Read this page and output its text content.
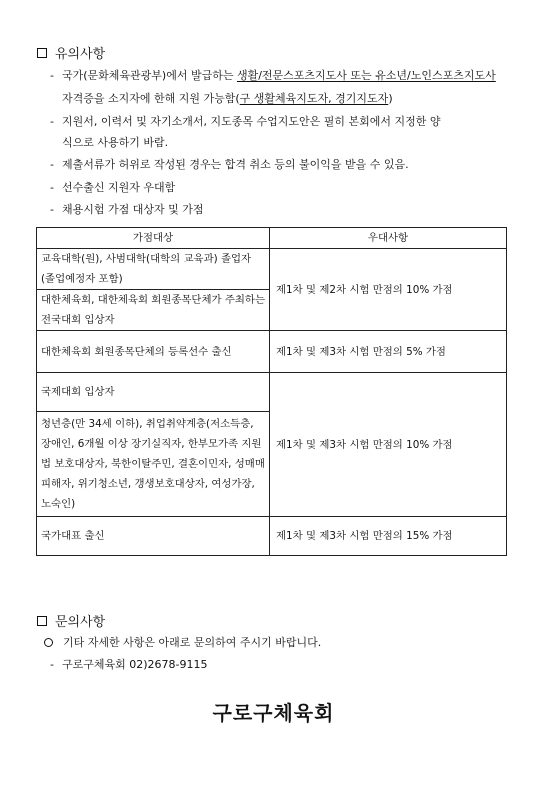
유의사항
- 국가(문화체육관광부)에서 발급하는 생활/전문스포츠지도사 또는 유소년/노인스포츠지도사
자격증을 소지자에 한해 지원 가능함(구 생활체육지도자, 경기지도자)
- 지원서, 이력서 및 자기소개서, 지도종목 수업지도안은 필히 본회에서 지정한 양
식으로 사용하기 바람.
- 제출서류가 허위로 작성된 경우는 합격 취소 등의 불이익을 받을 수 있음.
- 선수출신 지원자 우대함
- 채용시험 가점 대상자 및 가점
가점대상	우대사항
교육대학(원), 사범대학(대학의 교육과) 졸업자(졸업예정자 포함)	제1차 및 제2차 시험 만점의 10% 가점
대한체육회, 대한체육회 회원종목단체가 주최하는 전국대회 입상자	
대한체육회 회원종목단체의 등록선수 출신	제1차 및 제3차 시험 만점의 5% 가점
국제대회 입상자	제1차 및 제3차 시험 만점의 10% 가점
청년층(만 34세 이하), 취업취약계층(저소득층, 장애인, 6개월 이상 장기실직자, 한부모가족 지원법 보호대상자, 북한이탈주민, 결혼이민자, 성매매피해자, 위기청소년, 갱생보호대상자, 여성가장, 노숙인)	
국가대표 출신	제1차 및 제3차 시험 만점의 15% 가점
문의사항
기타 자세한 사항은 아래로 문의하여 주시기 바랍니다.
- 구로구체육회 02)2678-9115
구로구체육회
